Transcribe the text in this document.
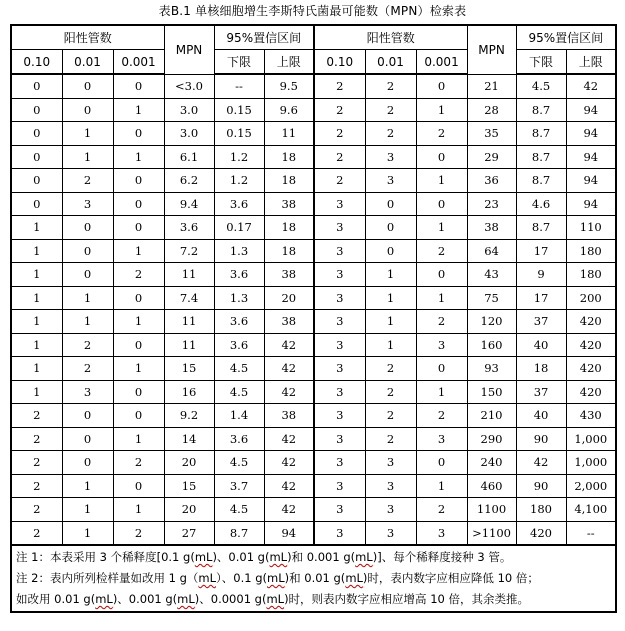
表B.1 单核细胞增生李斯特氏菌最可能数（MPN）检索表
阳性管数			MPN	95%置信区间		阳性管数			MPN	95%置信区间	
0.10	0.01	0.001		下限	上限	0.10	0.01	0.001		下限	上限
0	0	0	<3.0	--	9.5	2	2	0	21	4.5	42
0	0	1	3.0	0.15	9.6	2	2	1	28	8.7	94
0	1	0	3.0	0.15	11	2	2	2	35	8.7	94
0	1	1	6.1	1.2	18	2	3	0	29	8.7	94
0	2	0	6.2	1.2	18	2	3	1	36	8.7	94
0	3	0	9.4	3.6	38	3	0	0	23	4.6	94
1	0	0	3.6	0.17	18	3	0	1	38	8.7	110
1	0	1	7.2	1.3	18	3	0	2	64	17	180
1	0	2	11	3.6	38	3	1	0	43	9	180
1	1	0	7.4	1.3	20	3	1	1	75	17	200
1	1	1	11	3.6	38	3	1	2	120	37	420
1	2	0	11	3.6	42	3	1	3	160	40	420
1	2	1	15	4.5	42	3	2	0	93	18	420
1	3	0	16	4.5	42	3	2	1	150	37	420
2	0	0	9.2	1.4	38	3	2	2	210	40	430
2	0	1	14	3.6	42	3	2	3	290	90	1,000
2	0	2	20	4.5	42	3	3	0	240	42	1,000
2	1	0	15	3.7	42	3	3	1	460	90	2,000
2	1	1	20	4.5	42	3	3	2	1100	180	4,100
2	1	2	27	8.7	94	3	3	3	>1100	420	--

注 1：本表采用 3 个稀释度[0.1 g(mL)、0.01 g(mL)和 0.001 g(mL)]、每个稀释度接种 3 管。
注 2：表内所列检样量如改用 1 g（mL）、0.1 g(mL)和 0.01 g(mL)时，表内数字应相应降低 10 倍；
如改用 0.01 g(mL)、0.001 g(mL)、0.0001 g(mL)时，则表内数字应相应增高 10 倍，其余类推。											
